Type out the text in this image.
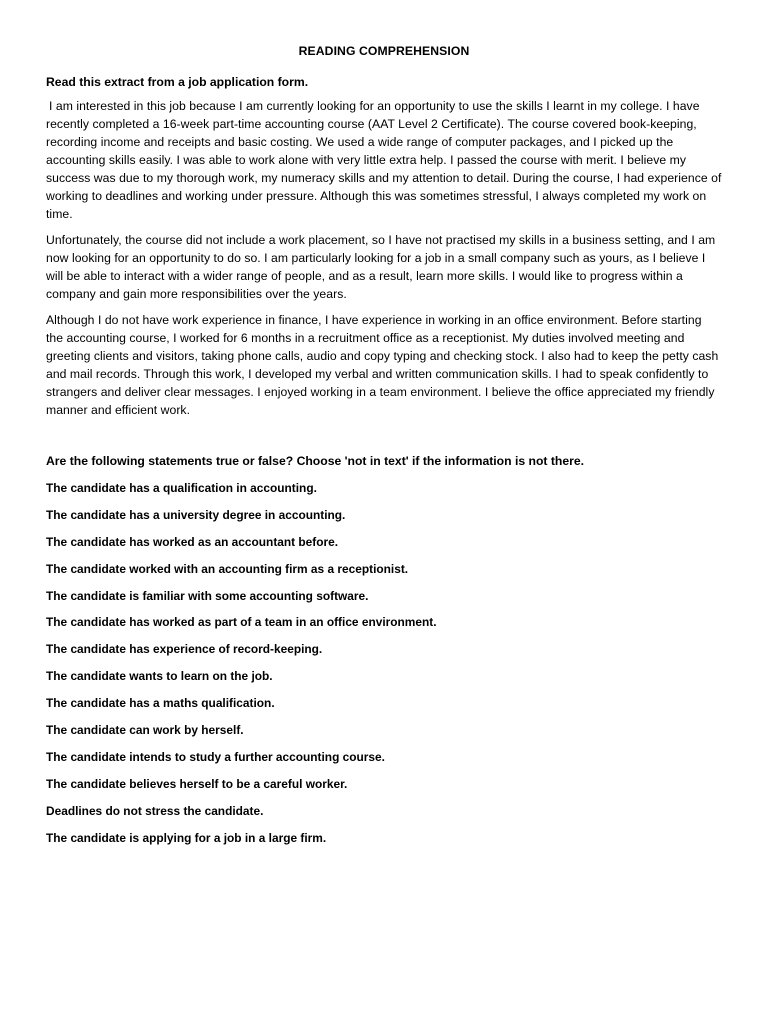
READING COMPREHENSION
Read this extract from a job application form.

I am interested in this job because I am currently looking for an opportunity to use the skills I learnt in my college. I have recently completed a 16-week part-time accounting course (AAT Level 2 Certificate). The course covered book-keeping, recording income and receipts and basic costing. We used a wide range of computer packages, and I picked up the accounting skills easily. I was able to work alone with very little extra help. I passed the course with merit. I believe my success was due to my thorough work, my numeracy skills and my attention to detail. During the course, I had experience of working to deadlines and working under pressure. Although this was sometimes stressful, I always completed my work on time.

Unfortunately, the course did not include a work placement, so I have not practised my skills in a business setting, and I am now looking for an opportunity to do so. I am particularly looking for a job in a small company such as yours, as I believe I will be able to interact with a wider range of people, and as a result, learn more skills. I would like to progress within a company and gain more responsibilities over the years.

Although I do not have work experience in finance, I have experience in working in an office environment. Before starting the accounting course, I worked for 6 months in a recruitment office as a receptionist. My duties involved meeting and greeting clients and visitors, taking phone calls, audio and copy typing and checking stock. I also had to keep the petty cash and mail records. Through this work, I developed my verbal and written communication skills. I had to speak confidently to strangers and deliver clear messages. I enjoyed working in a team environment. I believe the office appreciated my friendly manner and efficient work.

Are the following statements true or false? Choose 'not in text' if the information is not there.
The candidate has a qualification in accounting.
The candidate has a university degree in accounting.
The candidate has worked as an accountant before.
The candidate worked with an accounting firm as a receptionist.
The candidate is familiar with some accounting software.
The candidate has worked as part of a team in an office environment.
The candidate has experience of record-keeping.
The candidate wants to learn on the job.
The candidate has a maths qualification.
The candidate can work by herself.
The candidate intends to study a further accounting course.
The candidate believes herself to be a careful worker.
Deadlines do not stress the candidate.
The candidate is applying for a job in a large firm.
